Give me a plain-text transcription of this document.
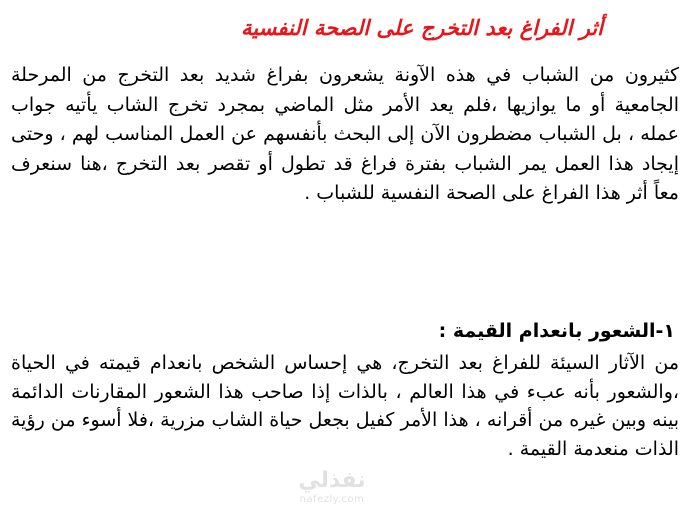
أثر الفراغ بعد التخرج على الصحة النفسية

كثيرون من الشباب في هذه الآونة يشعرون بفراغ شديد بعد التخرج من المرحلة الجامعية أو ما يوازيها ،فلم يعد الأمر مثل الماضي بمجرد تخرج الشاب يأتيه جواب عمله ، بل الشباب مضطرون الآن إلى البحث بأنفسهم عن العمل المناسب لهم ، وحتى إيجاد هذا العمل يمر الشباب بفترة فراغ قد تطول أو تقصر بعد التخرج ،هنا سنعرف معاً أثر هذا الفراغ على الصحة النفسية للشباب .

١-الشعور بانعدام القيمة :

من الآثار السيئة للفراغ بعد التخرج، هي إحساس الشخص بانعدام قيمته في الحياة ،والشعور بأنه عبء في هذا العالم ، بالذات إذا صاحب هذا الشعور المقارنات الدائمة بينه وبين غيره من أقرانه ، هذا الأمر كفيل بجعل حياة الشاب مزرية ،فلا أسوء من رؤية الذات منعدمة القيمة .

نفذلي
nafezly.com
